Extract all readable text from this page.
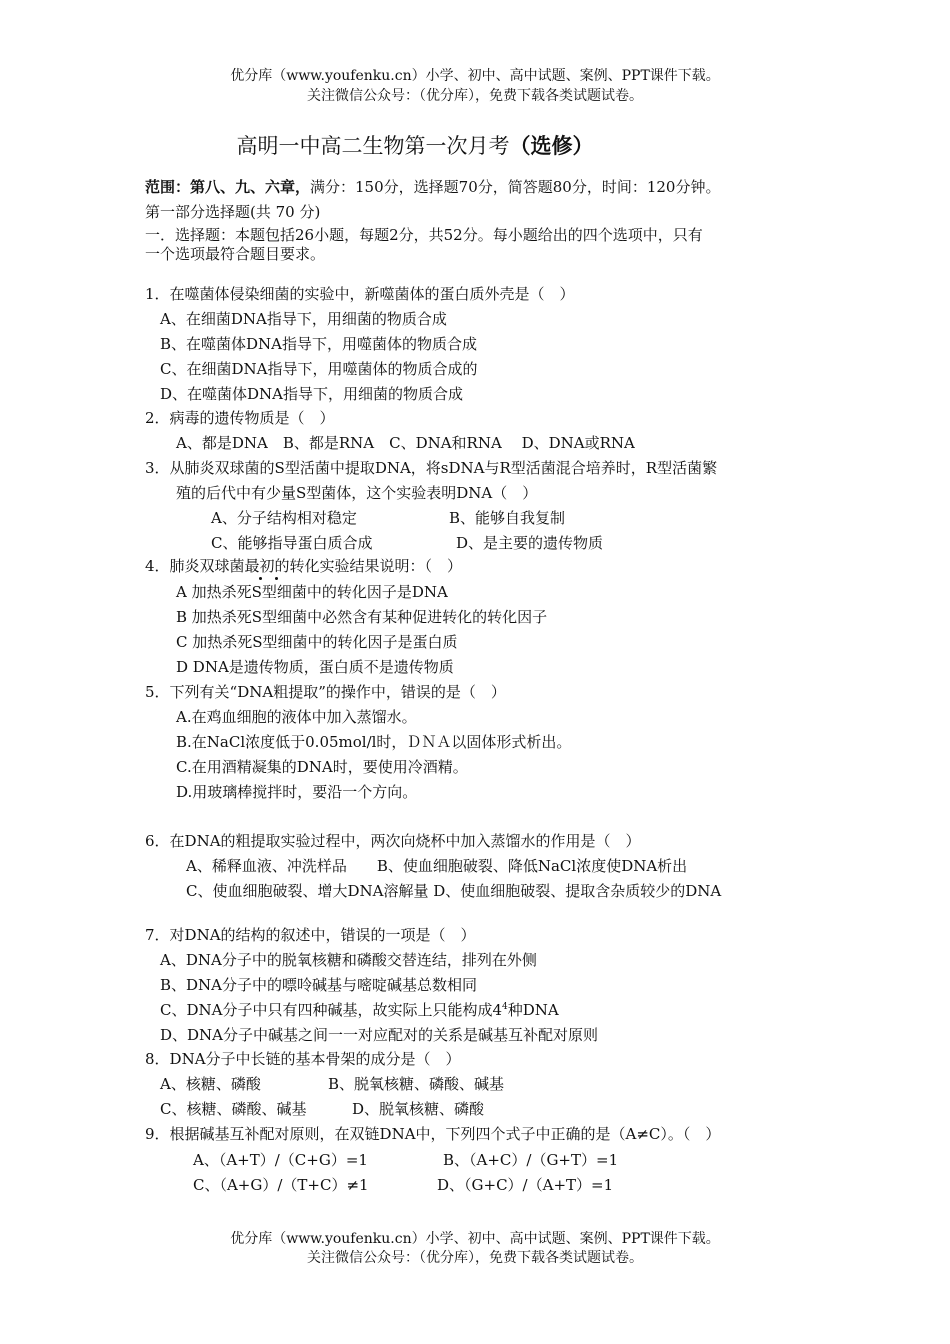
优分库（www.youfenku.cn）小学、初中、高中试题、案例、PPT课件下载。
关注微信公众号：（优分库），免费下载各类试题试卷。
高明一中高二生物第一次月考（选修）
范围：第八、九、六章，满分：150分，选择题70分，简答题80分，时间：120分钟。
第一部分选择题(共 70 分)
一．选择题：本题包括26小题，每题2分，共52分。每小题给出的四个选项中，只有
一个选项最符合题目要求。
1．在噬菌体侵染细菌的实验中，新噬菌体的蛋白质外壳是（　）
A、在细菌DNA指导下，用细菌的物质合成
B、在噬菌体DNA指导下，用噬菌体的物质合成
C、在细菌DNA指导下，用噬菌体的物质合成的
D、在噬菌体DNA指导下，用细菌的物质合成
2．病毒的遗传物质是（　）
A、都是DNA　B、都是RNA　C、DNA和RNA　 D、DNA或RNA
3．从肺炎双球菌的S型活菌中提取DNA，将sDNA与R型活菌混合培养时，R型活菌繁
殖的后代中有少量S型菌体，这个实验表明DNA（　）
A、分子结构相对稳定	B、能够自我复制
C、能够指导蛋白质合成	D、是主要的遗传物质
4．肺炎双球菌最初的转化实验结果说明：（　）
A 加热杀死S型细菌中的转化因子是DNA
B 加热杀死S型细菌中必然含有某种促进转化的转化因子
C 加热杀死S型细菌中的转化因子是蛋白质
D DNA是遗传物质，蛋白质不是遗传物质
5．下列有关“DNA粗提取”的操作中，错误的是（　）
A.在鸡血细胞的液体中加入蒸馏水。
B.在NaCl浓度低于0.05mol/l时，ＤＮＡ以固体形式析出。
C.在用酒精凝集的DNA时，要使用冷酒精。
D.用玻璃棒搅拌时，要沿一个方向。
6．在DNA的粗提取实验过程中，两次向烧杯中加入蒸馏水的作用是（　）
A、稀释血液、冲洗样品　　B、使血细胞破裂、降低NaCl浓度使DNA析出
C、使血细胞破裂、增大DNA溶解量 D、使血细胞破裂、提取含杂质较少的DNA
7．对DNA的结构的叙述中，错误的一项是（　）
A、DNA分子中的脱氧核糖和磷酸交替连结，排列在外侧
B、DNA分子中的嘌呤碱基与嘧啶碱基总数相同
C、DNA分子中只有四种碱基，故实际上只能构成$4^4$种DNA
D、DNA分子中碱基之间一一对应配对的关系是碱基互补配对原则
8．DNA分子中长链的基本骨架的成分是（　）
A、核糖、磷酸	B、脱氧核糖、磷酸、碱基
C、核糖、磷酸、碱基	D、脱氧核糖、磷酸
9．根据碱基互补配对原则，在双链DNA中，下列四个式子中正确的是（A≠C）。（　）
A、（A+T）/（C+G）=1	B、（A+C）/（G+T）=1
C、（A+G）/（T+C）≠1	D、（G+C）/（A+T）=1
优分库（www.youfenku.cn）小学、初中、高中试题、案例、PPT课件下载。
关注微信公众号：（优分库），免费下载各类试题试卷。
